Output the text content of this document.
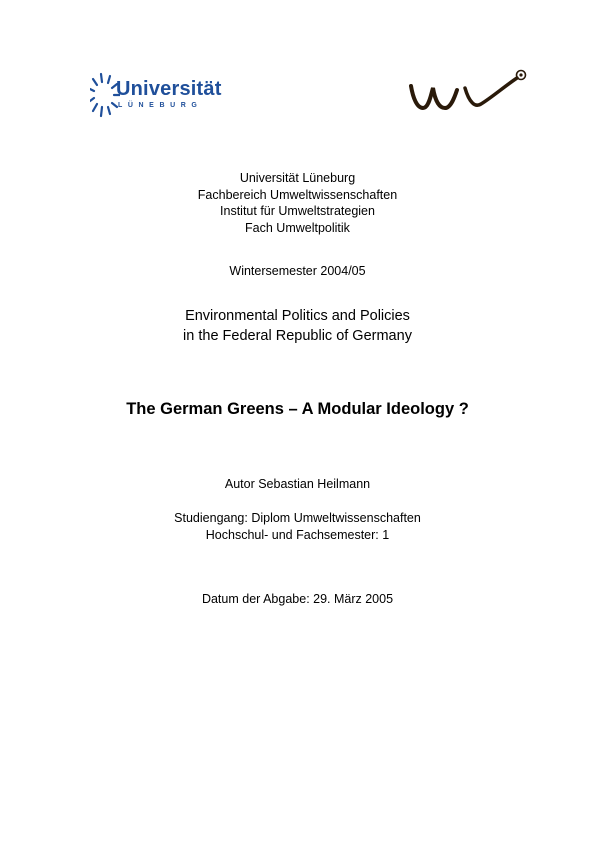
Universität
LÜNEBURG
Universität Lüneburg
Fachbereich Umweltwissenschaften
Institut für Umweltstrategien
Fach Umweltpolitik
Wintersemester 2004/05
Environmental Politics and Policies
in the Federal Republic of Germany
The German Greens – A Modular Ideology ?
Autor Sebastian Heilmann
Studiengang: Diplom Umweltwissenschaften
Hochschul- und Fachsemester: 1
Datum der Abgabe: 29. März 2005
